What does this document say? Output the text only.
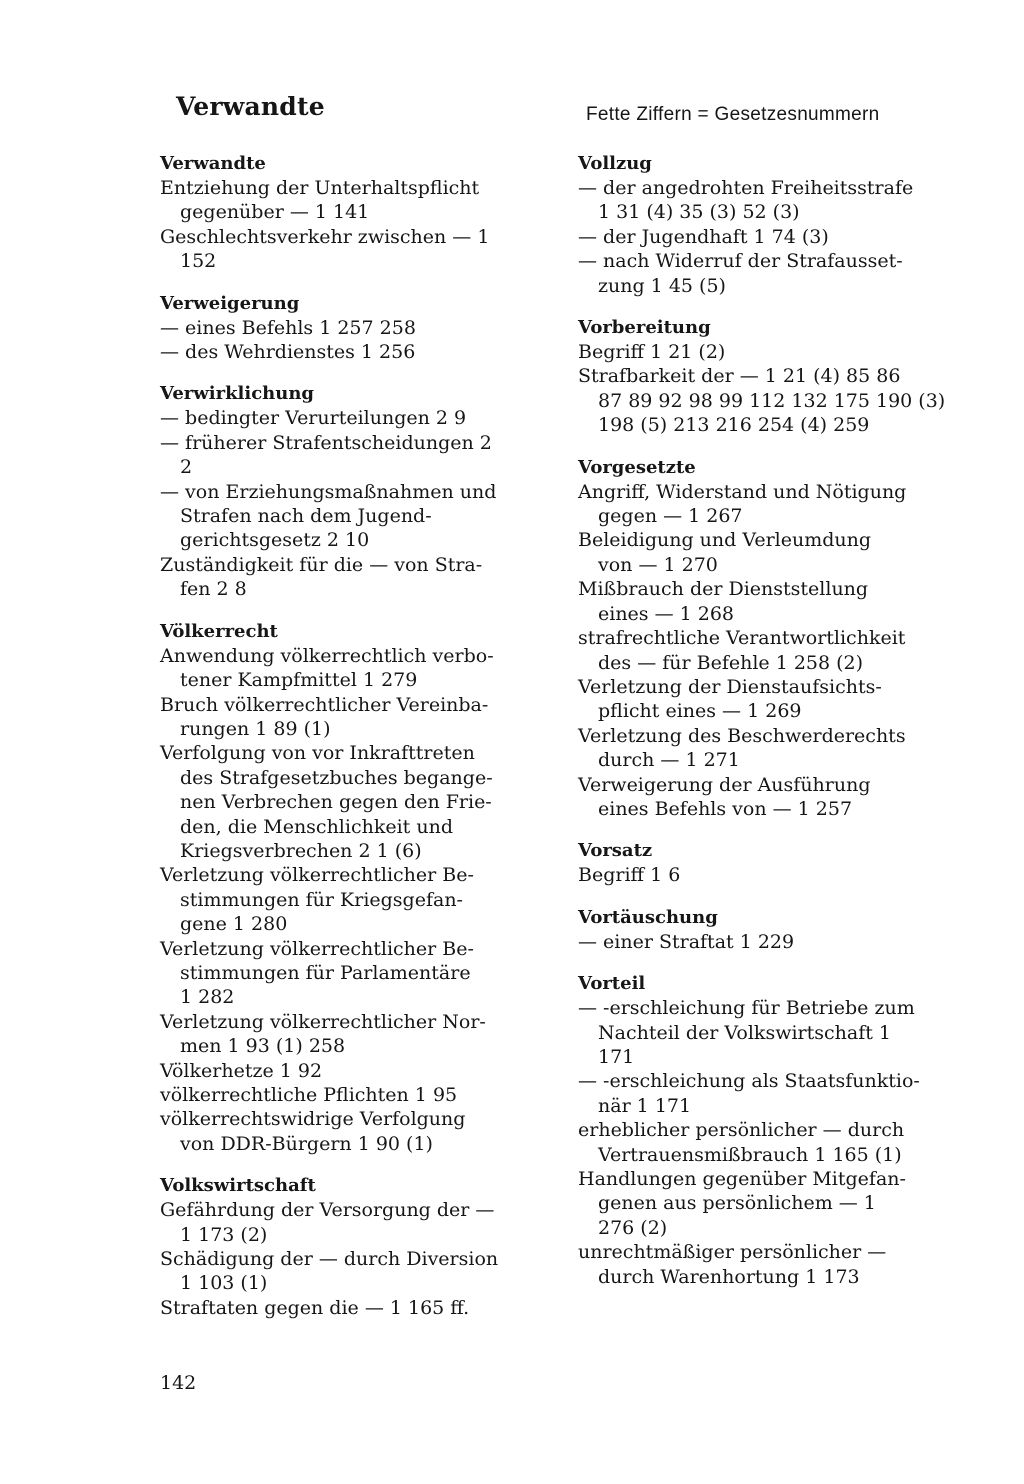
Verwandte	Fette Ziffern = Gesetzesnummern
Verwandte
Entziehung der Unterhaltspflicht
gegenüber — 1 141
Geschlechtsverkehr zwischen — 1
152
Verweigerung
— eines Befehls 1 257 258
— des Wehrdienstes 1 256
Verwirklichung
— bedingter Verurteilungen 2 9
— früherer Strafentscheidungen 2
2
— von Erziehungsmaßnahmen und
Strafen nach dem Jugend-
gerichtsgesetz 2 10
Zuständigkeit für die — von Stra-
fen 2 8
Völkerrecht
Anwendung völkerrechtlich verbo-
tener Kampfmittel 1 279
Bruch völkerrechtlicher Vereinba-
rungen 1 89 (1)
Verfolgung von vor Inkrafttreten
des Strafgesetzbuches begange-
nen Verbrechen gegen den Frie-
den, die Menschlichkeit und
Kriegsverbrechen 2 1 (6)
Verletzung völkerrechtlicher Be-
stimmungen für Kriegsgefan-
gene 1 280
Verletzung völkerrechtlicher Be-
stimmungen für Parlamentäre
1 282
Verletzung völkerrechtlicher Nor-
men 1 93 (1) 258
Völkerhetze 1 92
völkerrechtliche Pflichten 1 95
völkerrechtswidrige Verfolgung
von DDR-Bürgern 1 90 (1)
Volkswirtschaft
Gefährdung der Versorgung der —
1 173 (2)
Schädigung der — durch Diversion
1 103 (1)
Straftaten gegen die — 1 165 ff.
Vollzug
— der angedrohten Freiheitsstrafe
1 31 (4) 35 (3) 52 (3)
— der Jugendhaft 1 74 (3)
— nach Widerruf der Strafausset-
zung 1 45 (5)
Vorbereitung
Begriff 1 21 (2)
Strafbarkeit der — 1 21 (4) 85 86
87 89 92 98 99 112 132 175 190 (3)
198 (5) 213 216 254 (4) 259
Vorgesetzte
Angriff, Widerstand und Nötigung
gegen — 1 267
Beleidigung und Verleumdung
von — 1 270
Mißbrauch der Dienststellung
eines — 1 268
strafrechtliche Verantwortlichkeit
des — für Befehle 1 258 (2)
Verletzung der Dienstaufsichts-
pflicht eines — 1 269
Verletzung des Beschwerderechts
durch — 1 271
Verweigerung der Ausführung
eines Befehls von — 1 257
Vorsatz
Begriff 1 6
Vortäuschung
— einer Straftat 1 229
Vorteil
— -erschleichung für Betriebe zum
Nachteil der Volkswirtschaft 1
171
— -erschleichung als Staatsfunktio-
när 1 171
erheblicher persönlicher — durch
Vertrauensmißbrauch 1 165 (1)
Handlungen gegenüber Mitgefan-
genen aus persönlichem — 1
276 (2)
unrechtmäßiger persönlicher —
durch Warenhortung 1 173
142
